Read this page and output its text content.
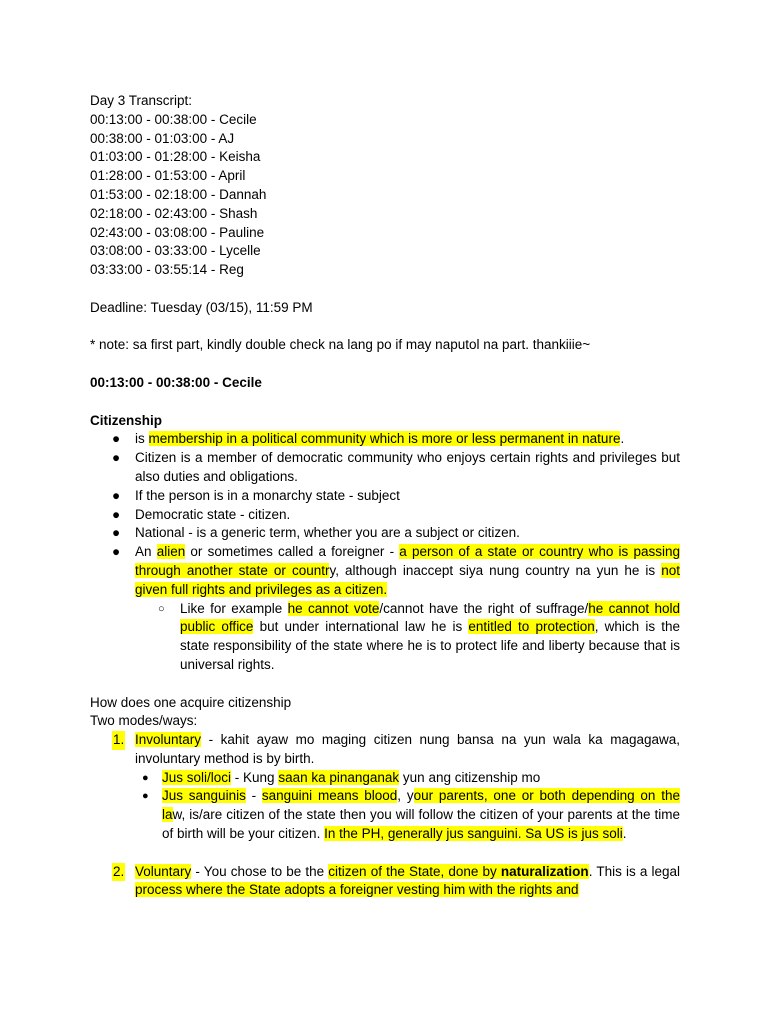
Day 3 Transcript:
00:13:00 - 00:38:00 - Cecile
00:38:00 - 01:03:00 - AJ
01:03:00 - 01:28:00 - Keisha
01:28:00 - 01:53:00 - April
01:53:00 - 02:18:00 - Dannah
02:18:00 - 02:43:00 - Shash
02:43:00 - 03:08:00 - Pauline
03:08:00 - 03:33:00 - Lycelle
03:33:00 - 03:55:14 - Reg
Deadline: Tuesday (03/15), 11:59 PM
* note: sa first part, kindly double check na lang po if may naputol na part. thankiiie~
00:13:00 - 00:38:00 - Cecile
Citizenship
● is membership in a political community which is more or less permanent in nature.
● Citizen is a member of democratic community who enjoys certain rights and privileges but also duties and obligations.
● If the person is in a monarchy state - subject
● Democratic state - citizen.
● National - is a generic term, whether you are a subject or citizen.
● An alien or sometimes called a foreigner - a person of a state or country who is passing through another state or country, although inaccept siya nung country na yun he is not given full rights and privileges as a citizen.
○ Like for example he cannot vote/cannot have the right of suffrage/he cannot hold public office but under international law he is entitled to protection, which is the state responsibility of the state where he is to protect life and liberty because that is universal rights.
How does one acquire citizenship
Two modes/ways:
1. Involuntary - kahit ayaw mo maging citizen nung bansa na yun wala ka magagawa, involuntary method is by birth.
● Jus soli/loci - Kung saan ka pinanganak yun ang citizenship mo
● Jus sanguinis - sanguini means blood, your parents, one or both depending on the law, is/are citizen of the state then you will follow the citizen of your parents at the time of birth will be your citizen. In the PH, generally jus sanguini. Sa US is jus soli.
2. Voluntary - You chose to be the citizen of the State, done by naturalization. This is a legal process where the State adopts a foreigner vesting him with the rights and
